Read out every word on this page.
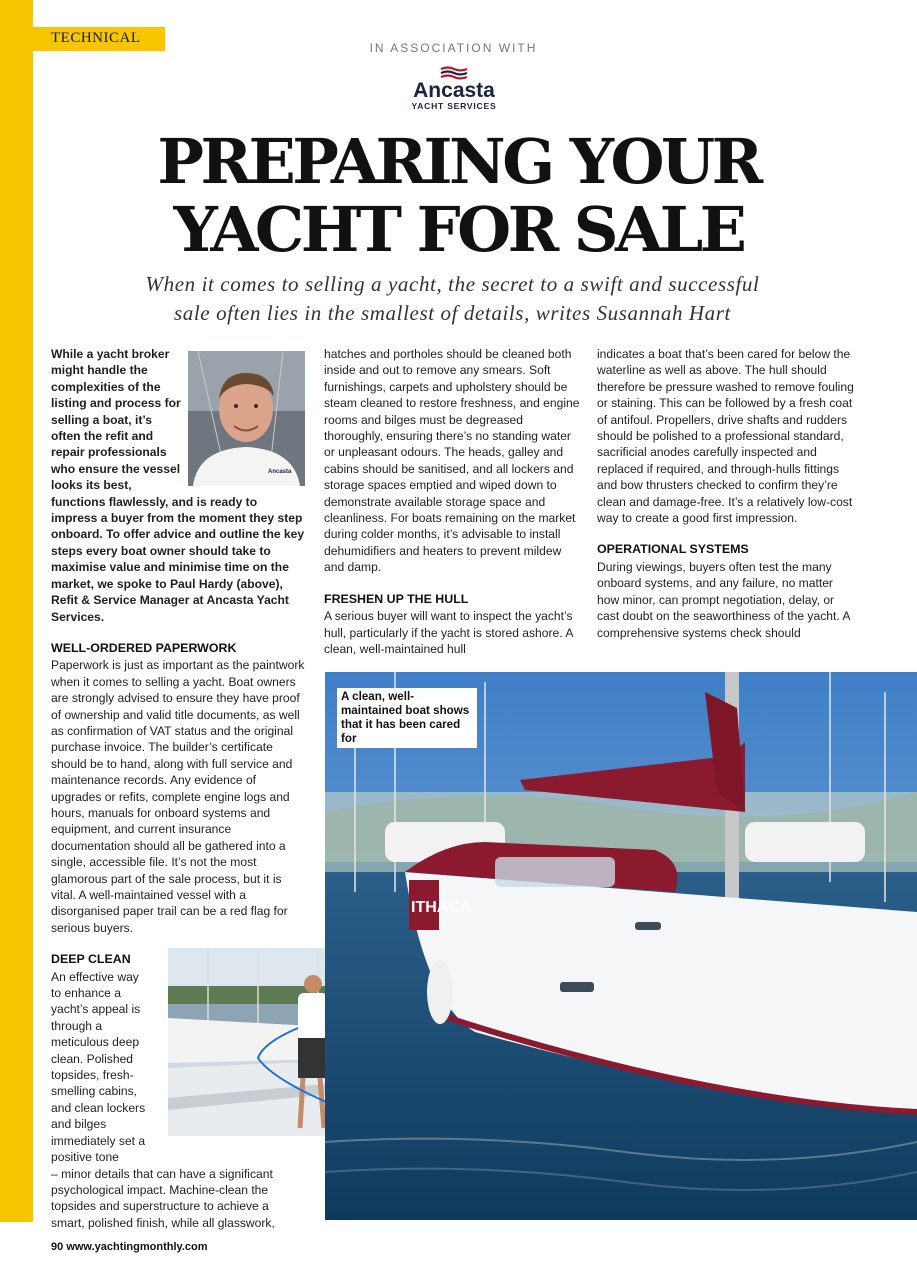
TECHNICAL
IN ASSOCIATION WITH
Ancasta
YACHT SERVICES
PREPARING YOUR
YACHT FOR SALE
When it comes to selling a yacht, the secret to a swift and successful
sale often lies in the smallest of details, writes Susannah Hart
Ancasta

While a yacht broker might handle the complexities of the listing and process for selling a boat, it’s often the refit and repair professionals who ensure the vessel looks its best, functions flawlessly, and is ready to impress a buyer from the moment they step onboard. To offer advice and outline the key steps every boat owner should take to maximise value and minimise time on the market, we spoke to Paul Hardy (above), Refit & Service Manager at Ancasta Yacht Services.

WELL-ORDERED PAPERWORK

Paperwork is just as important as the paintwork when it comes to selling a yacht. Boat owners are strongly advised to ensure they have proof of ownership and valid title documents, as well as confirmation of VAT status and the original purchase invoice. The builder’s certificate should be to hand, along with full service and maintenance records. Any evidence of upgrades or refits, complete engine logs and hours, manuals for onboard systems and equipment, and current insurance documentation should all be gathered into a single, accessible file. It’s not the most glamorous part of the sale process, but it is vital. A well-maintained vessel with a disorganised paper trail can be a red flag for serious buyers.

DEEP CLEAN

An effective way to enhance a yacht’s appeal is through a meticulous deep clean. Polished topsides, fresh-smelling cabins, and clean lockers and bilges immediately set a positive tone

– minor details that can have a significant psychological impact. Machine-clean the topsides and superstructure to achieve a smart, polished finish, while all glasswork,

hatches and portholes should be cleaned both inside and out to remove any smears. Soft furnishings, carpets and upholstery should be steam cleaned to restore freshness, and engine rooms and bilges must be degreased thoroughly, ensuring there’s no standing water or unpleasant odours. The heads, galley and cabins should be sanitised, and all lockers and storage spaces emptied and wiped down to demonstrate available storage space and cleanliness. For boats remaining on the market during colder months, it’s advisable to install dehumidifiers and heaters to prevent mildew and damp.

FRESHEN UP THE HULL

A serious buyer will want to inspect the yacht’s hull, particularly if the yacht is stored ashore. A clean, well-maintained hull

indicates a boat that’s been cared for below the waterline as well as above. The hull should therefore be pressure washed to remove fouling or staining. This can be followed by a fresh coat of antifoul. Propellers, drive shafts and rudders should be polished to a professional standard, sacrificial anodes carefully inspected and replaced if required, and through-hulls fittings and bow thrusters checked to confirm they’re clean and damage-free. It’s a relatively low-cost way to create a good first impression.

OPERATIONAL SYSTEMS

During viewings, buyers often test the many onboard systems, and any failure, no matter how minor, can prompt negotiation, delay, or cast doubt on the seaworthiness of the yacht. A comprehensive systems check should

ITHACA
A clean, well-maintained boat shows that it has been cared for
90 www.yachtingmonthly.com
